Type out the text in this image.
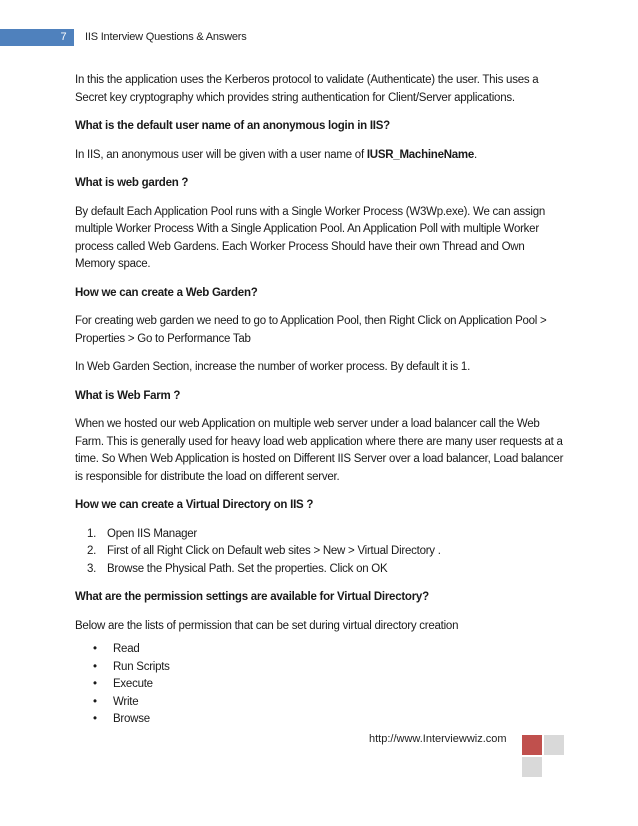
7	IIS Interview Questions & Answers

In this the application uses the Kerberos protocol to validate (Authenticate) the user. This uses a Secret key cryptography which provides string authentication for Client/Server applications.

What is the default user name of an anonymous login in IIS?

In IIS, an anonymous user will be given with a user name of IUSR_MachineName.

What is web garden ?

By default Each Application Pool runs with a Single Worker Process (W3Wp.exe). We can assign multiple Worker Process With a Single Application Pool. An Application Poll with multiple Worker process called Web Gardens. Each Worker Process Should have their own Thread and Own Memory space.

How we can create a Web Garden?

For creating web garden we need to go to Application Pool, then Right Click on Application Pool > Properties > Go to Performance Tab

In Web Garden Section, increase the number of worker process. By default it is 1.

What is Web Farm ?

When we hosted our web Application on multiple web server under a load balancer call the Web Farm. This is generally used for heavy load web application where there are many user requests at a time. So When Web Application is hosted on Different IIS Server over a load balancer, Load balancer is responsible for distribute the load on different server.

How we can create a Virtual Directory on IIS ?

1. Open IIS Manager
2. First of all Right Click on Default web sites > New > Virtual Directory .
3. Browse the Physical Path. Set the properties. Click on OK

What are the permission settings are available for Virtual Directory?

Below are the lists of permission that can be set during virtual directory creation

• Read
• Run Scripts
• Execute
• Write
• Browse
http://www.Interviewwiz.com
